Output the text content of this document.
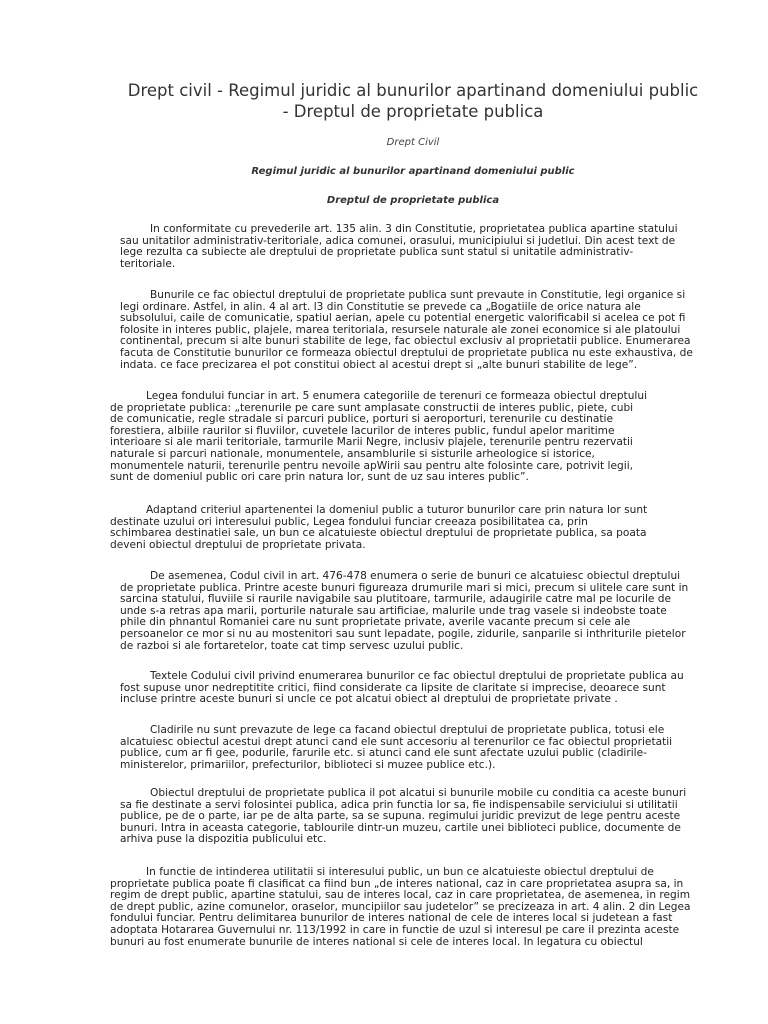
Drept civil - Regimul juridic al bunurilor apartinand domeniului public
- Dreptul de proprietate publica
Drept Civil
Regimul juridic al bunurilor apartinand domeniului public
Dreptul de proprietate publica
In conformitate cu prevederile art. 135 alin. 3 din Constitutie, proprietatea publica apartine statului
sau unitatilor administrativ-teritoriale, adica comunei, orasului, municipiului si judetlui. Din acest text de
lege rezulta ca subiecte ale dreptului de proprietate publica sunt statul si unitatile administrativ-
teritoriale.
Bunurile ce fac obiectul dreptului de proprietate publica sunt prevaute in Constitutie, legi organice si
legi ordinare. Astfel, in alin. 4 al art. l3 din Constitutie se prevede ca „Bogatiile de orice natura ale
subsolului, caile de comunicatie, spatiul aerian, apele cu potential energetic valorificabil si acelea ce pot fi
folosite in interes public, plajele, marea teritoriala, resursele naturale ale zonei economice si ale platoului
continental, precum si alte bunuri stabilite de lege, fac obiectul exclusiv al proprietatii publice. Enumerarea
facuta de Constitutie bunurilor ce formeaza obiectul dreptului de proprietate publica nu este exhaustiva, de
indata. ce face precizarea el pot constitui obiect al acestui drept si „alte bunuri stabilite de lege”.
Legea fondului funciar in art. 5 enumera categoriile de terenuri ce formeaza obiectul dreptului
de proprietate publica: „terenurile pe care sunt amplasate constructii de interes public, piete, cubi
de comunicatie, regle stradale si parcuri publice, porturi si aeroporturi, terenurile cu destinatie
forestiera, albiile raurilor si fluviilor, cuvetele lacurilor de interes public, fundul apelor maritime
interioare si ale marii teritoriale, tarmurile Marii Negre, inclusiv plajele, terenurile pentru rezervatii
naturale si parcuri nationale, monumentele, ansamblurile si sisturile arheologice si istorice,
monumentele naturii, terenurile pentru nevoile apWirii sau pentru alte folosinte care, potrivit legii,
sunt de domeniul public ori care prin natura lor, sunt de uz sau interes public”.
Adaptand criteriul apartenentei la domeniul public a tuturor bunurilor care prin natura lor sunt
destinate uzului ori interesului public, Legea fondului funciar creeaza posibilitatea ca, prin
schimbarea destinatiei sale, un bun ce alcatuieste obiectul dreptului de proprietate publica, sa poata
deveni obiectul dreptului de proprietate privata.
De asemenea, Codul civil in art. 476-478 enumera o serie de bunuri ce alcatuiesc obiectul dreptului
de proprietate publica. Printre aceste bunuri figureaza drumurile mari si mici, precum si ulitele care sunt in
sarcina statului, fluviile si raurile navigabile sau plutitoare, tarmurile, adaugirile catre mal pe locurile de
unde s-a retras apa marii, porturile naturale sau artificiae, malurile unde trag vasele si indeobste toate
phile din phnantul Romaniei care nu sunt proprietate private, averile vacante precum si cele ale
persoanelor ce mor si nu au mostenitori sau sunt lepadate, pogile, zidurile, sanparile si inthriturile pietelor
de razboi si ale fortaretelor, toate cat timp servesc uzului public.
Textele Codului civil privind enumerarea bunurilor ce fac obiectul dreptului de proprietate publica au
fost supuse unor nedreptitite critici, fiind considerate ca lipsite de claritate si imprecise, deoarece sunt
incluse printre aceste bunuri si uncle ce pot alcatui obiect al dreptului de proprietate private .
Cladirile nu sunt prevazute de lege ca facand obiectul dreptului de proprietate publica, totusi ele
alcatuiesc obiectul acestui drept atunci cand ele sunt accesoriu al terenurilor ce fac obiectul proprietatii
publice, cum ar fi gee, podurile, farurile etc. si atunci cand ele sunt afectate uzului public (cladirile-
ministerelor, primariilor, prefecturilor, biblioteci si muzee publice etc.).
Obiectul dreptului de proprietate publica il pot alcatui si bunurile mobile cu conditia ca aceste bunuri
sa fie destinate a servi folosintei publica, adica prin functia lor sa, fie indispensabile serviciului si utilitatii
publice, pe de o parte, iar pe de alta parte, sa se supuna. regimului juridic previzut de lege pentru aceste
bunuri. Intra in aceasta categorie, tablourile dintr-un muzeu, cartile unei biblioteci publice, documente de
arhiva puse la dispozitia publicului etc.
In functie de intinderea utilitatii si interesului public, un bun ce alcatuieste obiectul dreptului de
proprietate publica poate fi clasificat ca fiind bun „de interes national, caz in care proprietatea asupra sa, in
regim de drept public, apartine statului, sau de interes local, caz in care proprietatea, de asemenea, in regim
de drept public, azine comunelor, oraselor, muncipiilor sau judetelor” se precizeaza in art. 4 alin. 2 din Legea
fondului funciar. Pentru delimitarea bunurilor de interes national de cele de interes local si judetean a fast
adoptata Hotararea Guvernului nr. 113/1992 in care in functie de uzul si interesul pe care il prezinta aceste
bunuri au fost enumerate bunurile de interes national si cele de interes local. In legatura cu obiectul
